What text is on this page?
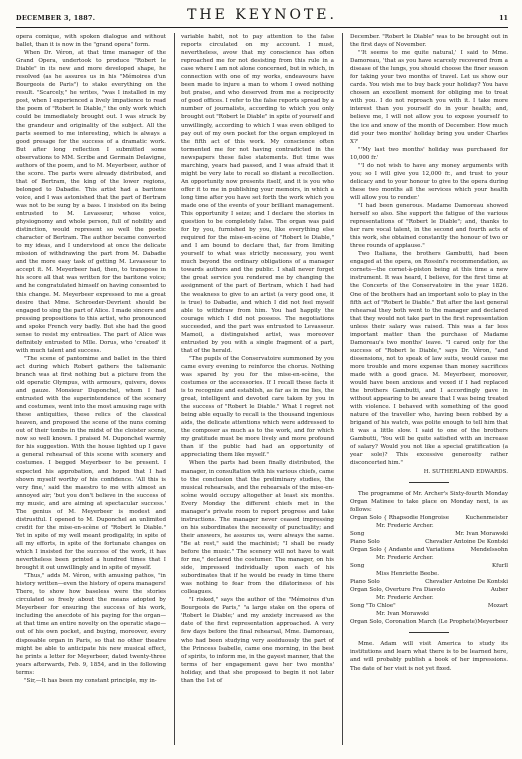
DECEMBER 3, 1887.	THE KEYNOTE.	11

opera comique, with spoken dialogue and without ballet, than it is now in the "grand opera" form.

When Dr. Véron, at that time manager of the Grand Opera, undertook to produce "Robert le Diable" in its new and more developed shape, he resolved (as he assures us in his "Mémoires d'un Bourgeois de Paris") to stake everything on the result. "Scarcely," he writes, "was I installed in my post, when I experienced a lively impatience to read the poem of "Robert le Diable," the only work which could be immediately brought out. I was struck by the grandeur and originality of the subject. All the parts seemed to me interesting, which is always a good presage for the success of a dramatic work. But after long reflection I submitted some observations to MM. Scribe and Germain Delavigne, authors of the poem, and to M. Meyerbeer, author of the score. The parts were already distributed, and that of Bertram, the king of the lower regions, belonged to Dabadie. This artist had a baritone voice, and I was astonished that the part of Bertram was not to be sung by a bass. I insisted on its being entrusted to M. Levasseur, whose voice, physiognomy and whole person, full of nobility and distinction, would represent so well the poetic character of Bertram. The author became converted to my ideas, and I understood at once the delicate mission of withdrawing the part from M. Dabadie and the more easy task of getting M. Levasseur to accept it. M. Meyerbeer had, then, to transpose in his score all that was written for the baritone voice; and he congratulated himself on having consented to this change. M. Meyerbeer expressed to me a great desire that Mme. Schroeder-Devrient should be engaged to sing the part of Alice. I made sincere and pressing propositions to this artist, who pronounced and spoke French very badly. But she had the good sense to resist my entreaties. The part of Alice was definitely entrusted to Mlle. Dorus, who 'created' it with much talent and success.

"The scene of pantomime and ballet in the third act during which Robert gathers the talismanic branch was at first nothing but a picture from the old operatic Olympus, with armours, quivers, doves and gauze. Monsieur Duponchel, whom I had entrusted with the superintendence of the scenery and costumes, went into the most amusing rage with these antiquities, these relics of the classical heaven, and proposed the scene of the nuns coming out of their tombs in the midst of the cloister scene, now so well known. I praised M. Duponchel warmly for his suggestion. With the house lighted up I gave a general rehearsal of this scene with scenery and costumes. I begged Meyerbeer to be present. I expected his approbation, and hoped that I had shown myself worthy of his confidence. 'All this is very fine,' said the maestro to me with almost an annoyed air; 'but you don't believe in the success of my music, and are aiming at spectacular success.' The genius of M. Meyerbeer is modest and distrustful. I opened to M. Duponchel an unlimited credit for the mise-en-scène of "Robert le Diable." Yet in spite of my well meant prodigality, in spite of all my efforts, in spite of the fortunate changes on which I insisted for the success of the work, it has nevertheless been printed a hundred times that I brought it out unwillingly and in spite of myself.

"Thus," adds M. Véron, with amusing pathos, "in history written—even the history of opera managers! There, to show how baseless were the stories circulated so freely about the means adopted by Meyerbeer for ensuring the success of his work, including the anecdote of his paying for the organ—at that time an entire novelty on the operatic stage—out of his own pocket, and buying, moreover, every disposable organ in Paris, so that no other theatre might be able to anticipate his new musical effect, he prints a letter for Meyerbeer, dated twenty-three years afterwards, Feb. 9, 1854, and in the following terms:

"Sir,—It has been my constant principle, my in-

variable habit, not to pay attention to the false reports circulated on my account. I must, nevertheless, avow that my conscience has often reproached me for not desisting from this rule in a case where I am not alone concerned, but in which, in connection with one of my works, endeavours have been made to injure a man to whom I owed nothing but praise, and who deserved from me a reciprocity of good offices. I refer to the false reports spread by a number of journalists, according to which you only brought out "Robert le Diable" in spite of yourself and unwillingly, according to which I was even obliged to pay out of my own pocket for the organ employed in the fifth act of this work. My conscience often tormented me for not having contradicted in the newspapers these false statements. But time was marching, years had passed, and I was afraid that it might be very late to recall so distant a recollection. An opportunity now presents itself, and it is you who offer it to me in publishing your memoirs, in which a long time after you have set forth the work which you made one of the events of your brilliant management. This opportunity I seize; and I declare the stories in question to be completely false. The organ was paid for by you, furnished by you, like everything else required for the mise-en-scène of "Robert le Diable," and I am bound to declare that, far from limiting yourself to what was strictly necessary, you went much beyond the ordinary obligations of a manager towards authors and the public. I shall never forget the great service you rendered me by changing the assignment of the part of Bertram, which I had had the weakness to give to an artist (a very good one, it is true) to Dabadie, and which I did not feel myself able to withdraw from him. You had happily the courage which I did not possess. The negotiations succeeded, and the part was entrusted to Levasseur. Mamoil, a distinguished artist, was moreover entrusted by you with a single fragment of a part, that of the herald.

"The pupils of the Conservatoire summoned by you came every evening to reinforce the chorus. Nothing was spared by you for the mise-en-scène, the costumes or the accessories. If I recall these facts it is to recognize and establish, as far as in me lies, the great, intelligent and devoted care taken by you in the success of "Robert le Diable." What I regret not being able equally to recall is the thousand ingenious aids, the delicate attentions which were addressed to the composer as much as to the work, and for which my gratitude must be more lively and more profound than if the public had had an opportunity of appreciating them like myself."

When the parts had been finally distributed, the manager, in consultation with his various chiefs, came to the conclusion that the preliminary studies, the musical rehearsals, and the rehearsals of the mise-en-scène would occupy altogether at least six months. Every Monday the different chiefs met in the manager's private room to report progress and take instructions. The manager never ceased impressing on his subordinates the necessity of punctuality; and their answers, he assures us, were always the same. "Be at rest," said the machinist; "I shall be ready before the music." The scenery will not have to wait for me," declared the costumer. The manager, on his side, impressed individually upon each of his subordinates that if he would be ready in time there was nothing to fear from the dilatoriness of his colleagues.

"I risked," says the author of the "Mémoires d'un Bourgeois de Paris," "a large stake on the opera of 'Robert le Diable;' and my anxiety increased as the date of the first representation approached. A very few days before the final rehearsal, Mme. Damoreau, who had been studying very assiduously the part of the Princess Isabelle, came one morning, in the best of spirits, to inform me, in the gayest manner, that the terms of her engagement gave her two months' holiday, and that she proposed to begin it not later than the 1st of

December. "Robert le Diable" was to be brought out in the first days of November.

"'It seems to me quite natural,' I said to Mme. Damoreau, 'that as you have scarcely recovered from a disease of the lungs, you should choose the finer season for taking your two months of travel. Let us show our cards. You wish me to buy back your holiday? You have chosen an excellent moment for obliging me to treat with you. I do not reproach you with it. I take more interest than you yourself do in your health; and, believe me, I will not allow you to expose yourself to the ice and snow of the month of December. How much did your two months' holiday bring you under Charles X?'

"'My last two months' holiday was purchased for 10,000 fr.'

"'I do not wish to have any money arguments with you; so I will give you 12,000 fr., and trust to your delicacy and to your honour to give to the opera during these two months all the services which your health will allow you to render.'

"I had been generous. Madame Damoreau showed herself so also. She support the fatigue of the various representations of "Robert le Diable"; and, thanks to her rare vocal talent, in the second and fourth acts of this work, she obtained constantly the honour of two or three rounds of applause."

Two Italians, the brothers Gambutti, had been engaged at the opera, on Rossini's recommendation, as cornets—the cornet-à-piston being at this time a new instrument. It was heard, I believe, for the first time at the Concerts of the Conservatoire in the year 1826. One of the brothers had an important solo to play in the fifth act of "Robert le Diable." But after the last general rehearsal they both went to the manager and declared that they would not take part in the first representation unless their salary was raised. This was a far less important matter than the purchase of Madame Damoreau's two months' leave. "I cared only for the success of "Robert le Diable," says Dr. Véron, "and dissensions, not to speak of law suits, would cause me more trouble and more expense than money sacrifices made with a good grace. M. Meyerbeer, moreover, would have been anxious and vexed if I had replaced the brothers Gambutti, and I accordingly gave in without appearing to be aware that I was being treated with violence. I behaved with something of the good nature of the traveller who, having been robbed by a brigand of his watch, was polite enough to tell him that it was a little slow. I said to one of the brothers Gambutti, 'You will be quite satisfied with an increase of salary? Would you not like a special gratification (a year sole)? This excessive generosity rather disconcerted him."

H. SUTHERLAND EDWARDS.

The programme of Mr. Archer's Sixty-fourth Monday Organ Matinee to take place on Monday next, is as follows:

Organ Solo { Rhapsodie Hongroise	Kuchenmeister
Mr. Frederic Archer.
Song	Mr. Ivan Morawski
Piano Solo	Chevalier Antoine De Kontski
Organ Solo { Andante and Variations	Mendelssohn
Mr. Frederic Archer.
Song	Kfurll
Miss Henriette Beebe.
Piano Solo	Chevalier Antoine De Kontski
Organ Solo, Overture Fra Diavolo	Auber
Mr. Frederic Archer.
Song "To Chloe"	Mozart
Mr. Ivan Morawski
Organ Solo, Coronation March (Le Prophete) Meyerbeer

Mme. Adam will visit America to study its institutions and learn what there is to be learned here, and will probably publish a book of her impressions. The date of her visit is not yet fixed.
